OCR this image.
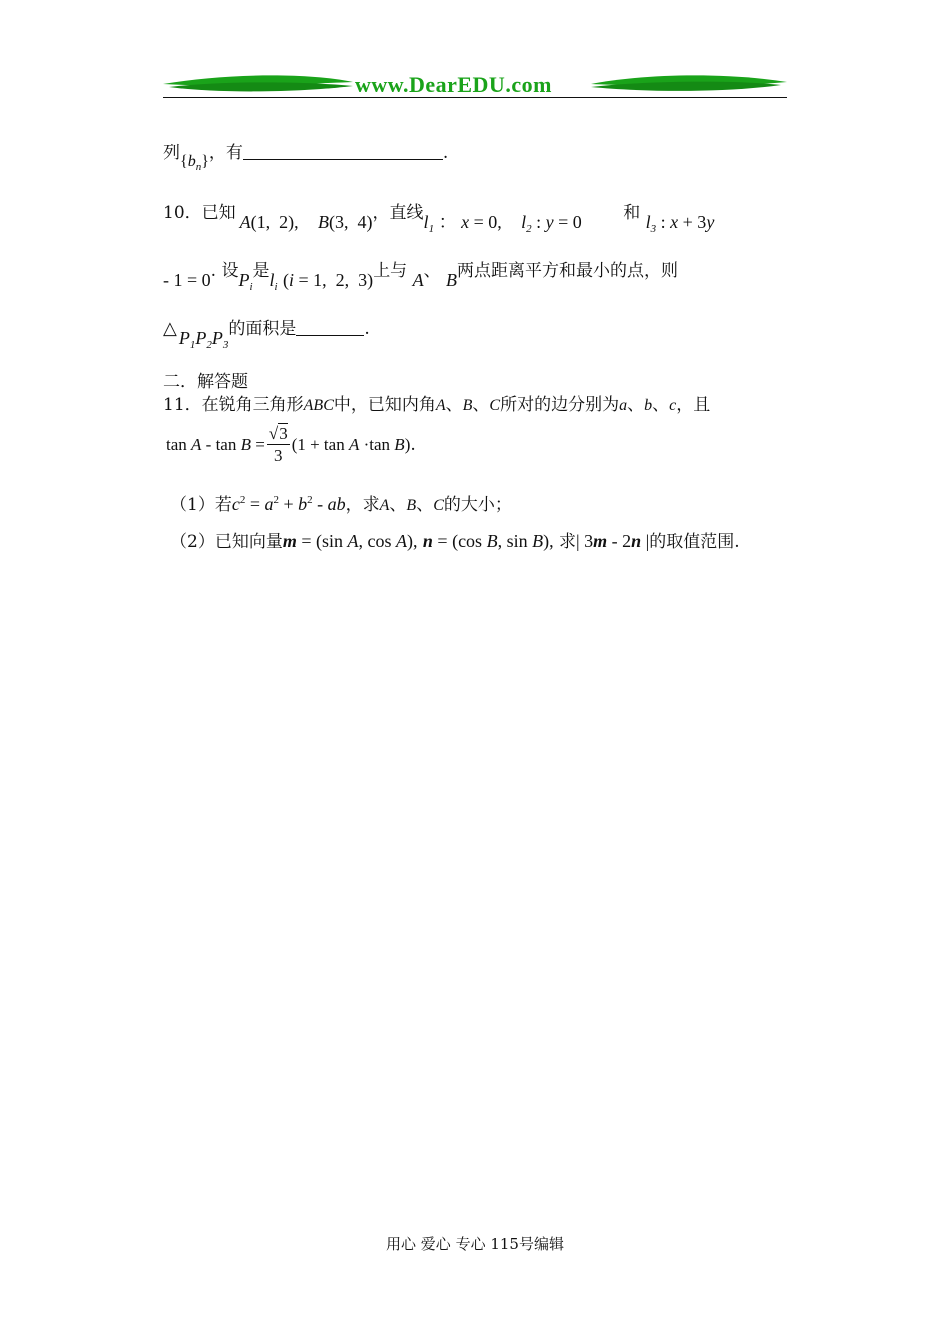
www.DearEDU.com
列$\{b_n\}$，有	.
10．已知 A(1,  2), B(3,  4)，直线$l_1$ ： x = 0, $l_2$ : y = 0 和 $l_3$ : x + 3y
- 1 = 0. 设$P_i$是$l_i$ (i = 1,  2,  3)上与 A、 B两点距离平方和最小的点，则
△ $P_1P_2P_3$的面积是	.
二．解答题
11．在锐角三角形ABC中，已知内角A、B、C所对的边分别为a、b、c，且
$\tan A - \tan B = \frac{√3}{3} (1 + \tan A \cdot\tan$ B).
（1）若$c^2 = a^2 + b^2$ - ab，求A、B、C的大小；
（2）已知向量m = (sin A, cos A), n = (cos B, sin B), 求| 3m - 2n |的取值范围.
用心 爱心 专心 115号编辑
